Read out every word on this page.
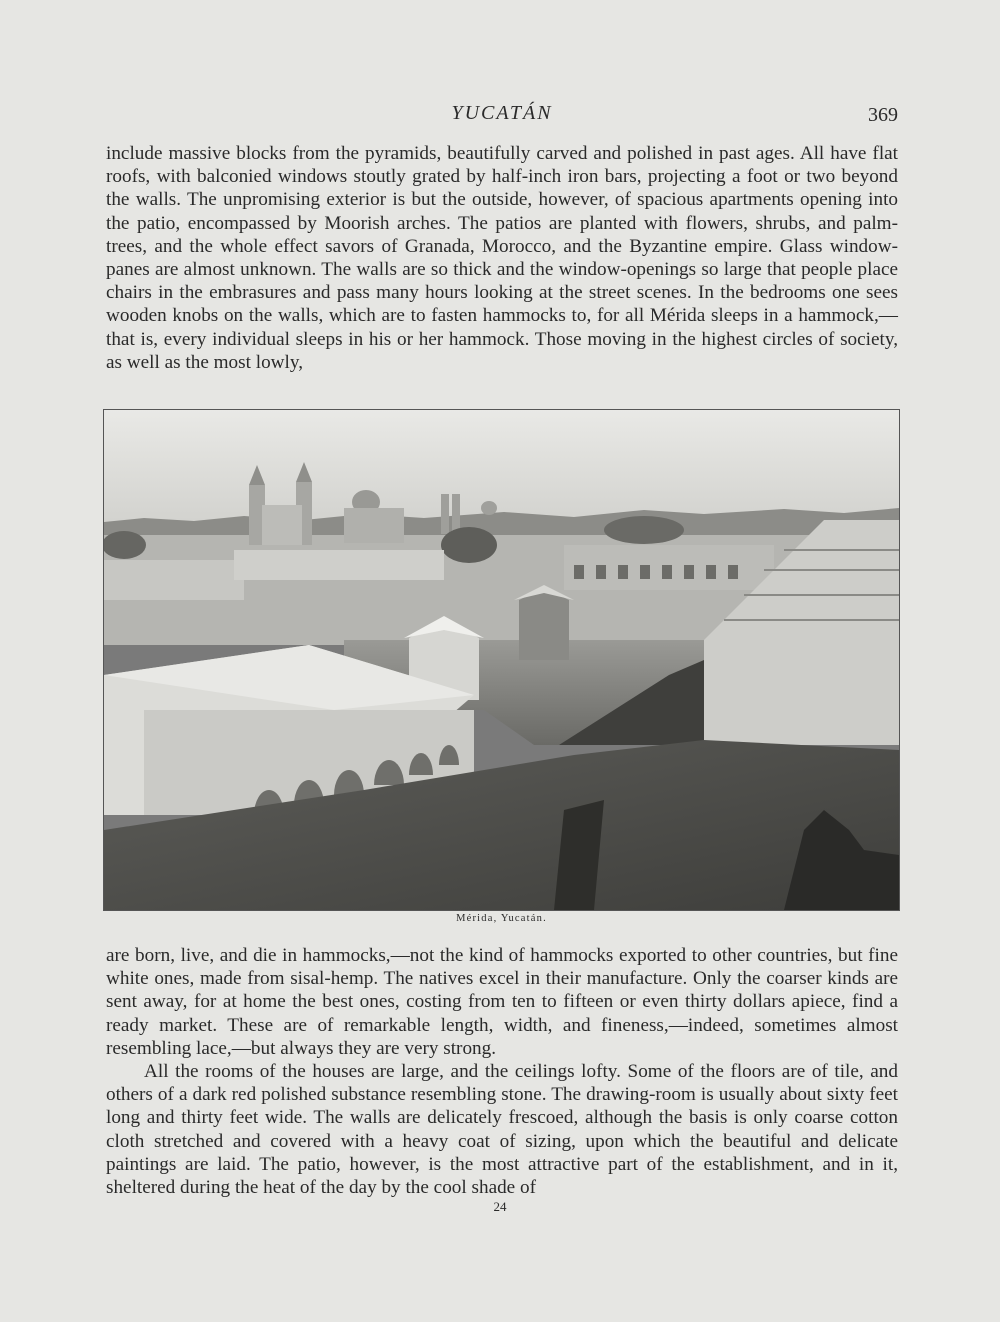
YUCATÁN	369

include massive blocks from the pyramids, beautifully carved and polished in past ages. All have flat roofs, with balconied windows stoutly grated by half-inch iron bars, projecting a foot or two beyond the walls. The unpromising exterior is but the outside, however, of spacious apartments opening into the patio, encompassed by Moorish arches. The patios are planted with flowers, shrubs, and palm-trees, and the whole effect savors of Granada, Morocco, and the Byzantine empire. Glass window-panes are almost unknown. The walls are so thick and the window-openings so large that people place chairs in the embrasures and pass many hours looking at the street scenes. In the bedrooms one sees wooden knobs on the walls, which are to fasten hammocks to, for all Mérida sleeps in a hammock,—that is, every individual sleeps in his or her hammock. Those moving in the highest circles of society, as well as the most lowly,

Mérida, Yucatán.

are born, live, and die in hammocks,—not the kind of hammocks exported to other countries, but fine white ones, made from sisal-hemp. The natives excel in their manufacture. Only the coarser kinds are sent away, for at home the best ones, costing from ten to fifteen or even thirty dollars apiece, find a ready market. These are of remarkable length, width, and fineness,—indeed, sometimes almost resembling lace,—but always they are very strong.

All the rooms of the houses are large, and the ceilings lofty. Some of the floors are of tile, and others of a dark red polished substance resembling stone. The drawing-room is usually about sixty feet long and thirty feet wide. The walls are delicately frescoed, although the basis is only coarse cotton cloth stretched and covered with a heavy coat of sizing, upon which the beautiful and delicate paintings are laid. The patio, however, is the most attractive part of the establishment, and in it, sheltered during the heat of the day by the cool shade of

24
